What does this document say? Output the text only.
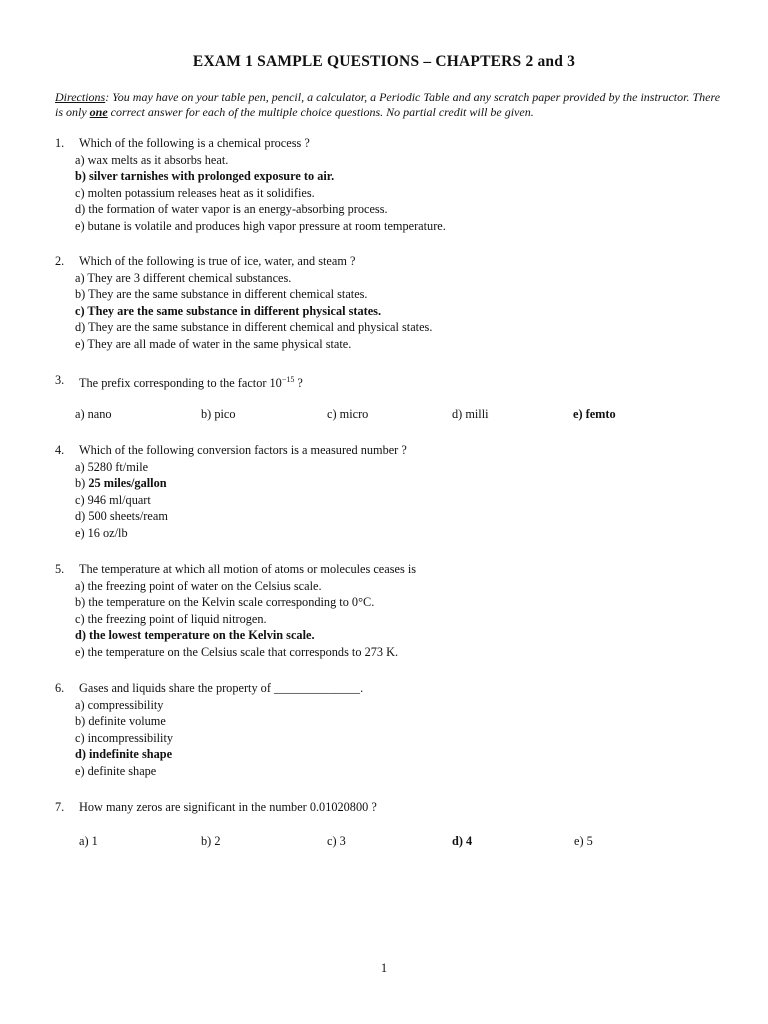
EXAM 1 SAMPLE QUESTIONS – CHAPTERS 2 and 3
Directions: You may have on your table pen, pencil, a calculator, a Periodic Table and any scratch paper provided by the instructor. There is only one correct answer for each of the multiple choice questions. No partial credit will be given.
1. Which of the following is a chemical process ?
a) wax melts as it absorbs heat.
b) silver tarnishes with prolonged exposure to air.
c) molten potassium releases heat as it solidifies.
d) the formation of water vapor is an energy-absorbing process.
e) butane is volatile and produces high vapor pressure at room temperature.
2. Which of the following is true of ice, water, and steam ?
a) They are 3 different chemical substances.
b) They are the same substance in different chemical states.
c) They are the same substance in different physical states.
d) They are the same substance in different chemical and physical states.
e) They are all made of water in the same physical state.
3. The prefix corresponding to the factor $10^{-15}$ ?
a) nano	b) pico	c) micro	d) milli	e) femto
4. Which of the following conversion factors is a measured number ?
a) 5280 ft/mile
b) 25 miles/gallon
c) 946 ml/quart
d) 500 sheets/ream
e) 16 oz/lb
5. The temperature at which all motion of atoms or molecules ceases is
a) the freezing point of water on the Celsius scale.
b) the temperature on the Kelvin scale corresponding to 0°C.
c) the freezing point of liquid nitrogen.
d) the lowest temperature on the Kelvin scale.
e) the temperature on the Celsius scale that corresponds to 273 K.
6. Gases and liquids share the property of ______________.
a) compressibility
b) definite volume
c) incompressibility
d) indefinite shape
e) definite shape
7. How many zeros are significant in the number 0.01020800 ?
a) 1	b) 2	c) 3	d) 4	e) 5
1
